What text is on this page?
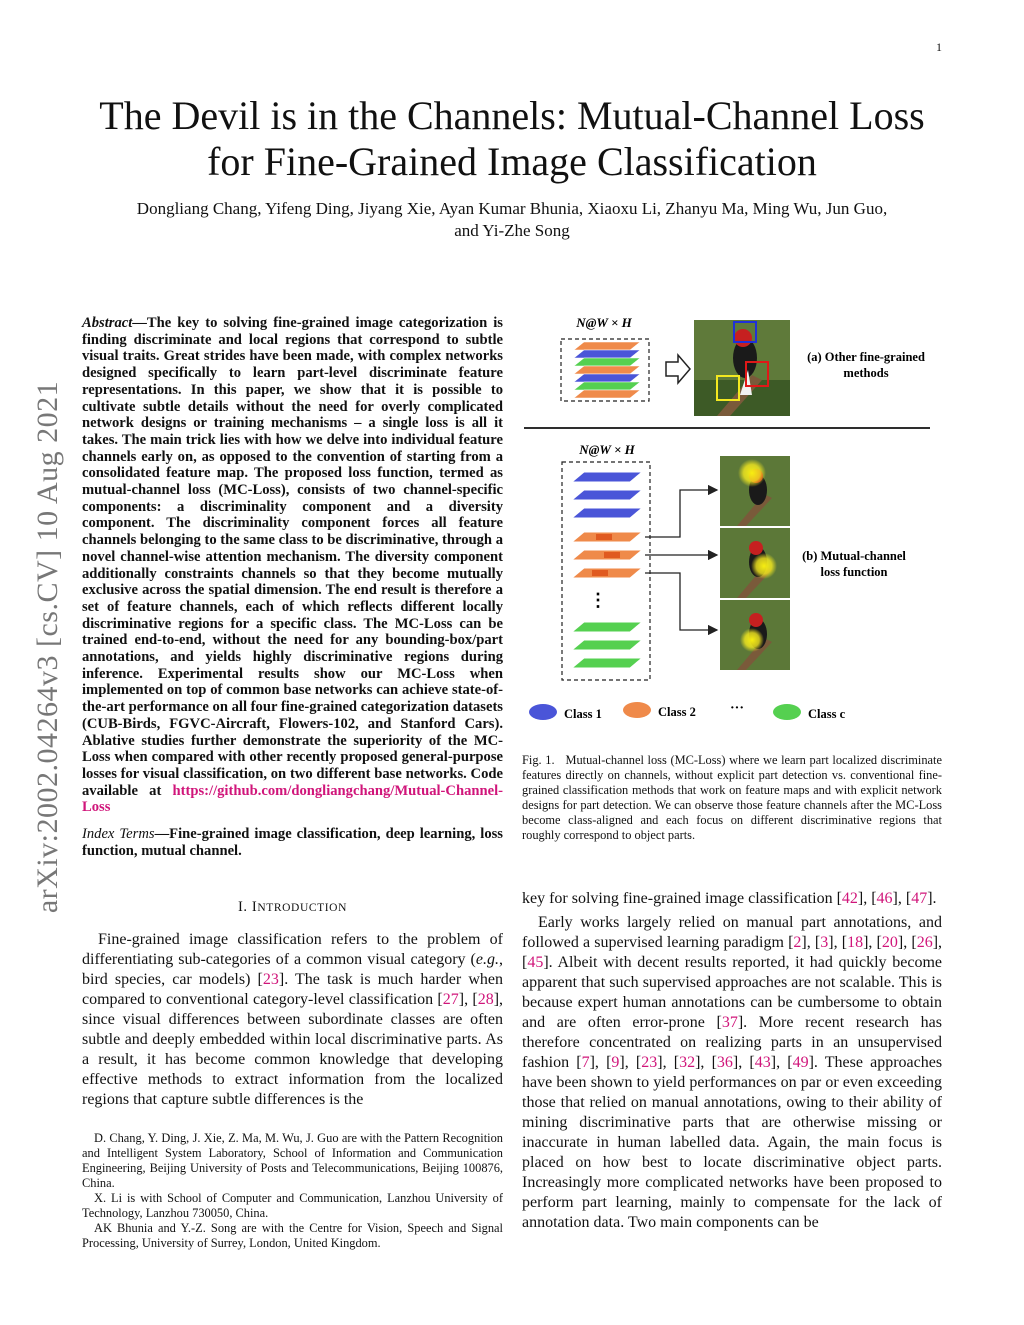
1
arXiv:2002.04264v3 [cs.CV] 10 Aug 2021
The Devil is in the Channels: Mutual-Channel Loss
for Fine-Grained Image Classification
Dongliang Chang, Yifeng Ding, Jiyang Xie, Ayan Kumar Bhunia, Xiaoxu Li, Zhanyu Ma, Ming Wu, Jun Guo,
and Yi-Zhe Song
Abstract—The key to solving fine-grained image categorization is finding discriminate and local regions that correspond to subtle visual traits. Great strides have been made, with complex networks designed specifically to learn part-level discriminate feature representations. In this paper, we show that it is possible to cultivate subtle details without the need for overly complicated network designs or training mechanisms – a single loss is all it takes. The main trick lies with how we delve into individual feature channels early on, as opposed to the convention of starting from a consolidated feature map. The proposed loss function, termed as mutual-channel loss (MC-Loss), consists of two channel-specific components: a discriminality component and a diversity component. The discriminality component forces all feature channels belonging to the same class to be discriminative, through a novel channel-wise attention mechanism. The diversity component additionally constraints channels so that they become mutually exclusive across the spatial dimension. The end result is therefore a set of feature channels, each of which reflects different locally discriminative regions for a specific class. The MC-Loss can be trained end-to-end, without the need for any bounding-box/part annotations, and yields highly discriminative regions during inference. Experimental results show our MC-Loss when implemented on top of common base networks can achieve state-of-the-art performance on all four fine-grained categorization datasets (CUB-Birds, FGVC-Aircraft, Flowers-102, and Stanford Cars). Ablative studies further demonstrate the superiority of the MC-Loss when compared with other recently proposed general-purpose losses for visual classification, on two different base networks. Code available at https://github.com/dongliangchang/Mutual-Channel-Loss
Index Terms—Fine-grained image classification, deep learning, loss function, mutual channel.
I. INTRODUCTION
Fine-grained image classification refers to the problem of differentiating sub-categories of a common visual category (e.g., bird species, car models) [23]. The task is much harder when compared to conventional category-level classification [27], [28], since visual differences between subordinate classes are often subtle and deeply embedded within local discriminative parts. As a result, it has become common knowledge that developing effective methods to extract information from the localized regions that capture subtle differences is the

D. Chang, Y. Ding, J. Xie, Z. Ma, M. Wu, J. Guo are with the Pattern Recognition and Intelligent System Laboratory, School of Information and Communication Engineering, Beijing University of Posts and Telecommunications, Beijing 100876, China.

X. Li is with School of Computer and Communication, Lanzhou University of Technology, Lanzhou 730050, China.

AK Bhunia and Y.-Z. Song are with the Centre for Vision, Speech and Signal Processing, University of Surrey, London, United Kingdom.

key for solving fine-grained image classification [42], [46], [47].

Early works largely relied on manual part annotations, and followed a supervised learning paradigm [2], [3], [18], [20], [26], [45]. Albeit with decent results reported, it had quickly become apparent that such supervised approaches are not scalable. This is because expert human annotations can be cumbersome to obtain and are often error-prone [37]. More recent research has therefore concentrated on realizing parts in an unsupervised fashion [7], [9], [23], [32], [36], [43], [49]. These approaches have been shown to yield performances on par or even exceeding those that relied on manual annotations, owing to their ability of mining discriminative parts that are otherwise missing or inaccurate in human labelled data. Again, the main focus is placed on how best to locate discriminative object parts. Increasingly more complicated networks have been proposed to perform part learning, mainly to compensate for the lack of annotation data. Two main components can be

N@W × H
(a) Other fine-grained
methods
N@W × H
⋮
(b) Mutual-channel
loss function
Class 1	Class 2 ···	Class c
Fig. 1. Mutual-channel loss (MC-Loss) where we learn part localized discriminate features directly on channels, without explicit part detection vs. conventional fine-grained classification methods that work on feature maps and with explicit network designs for part detection. We can observe those feature channels after the MC-Loss become class-aligned and each focus on different discriminative regions that roughly correspond to object parts.
